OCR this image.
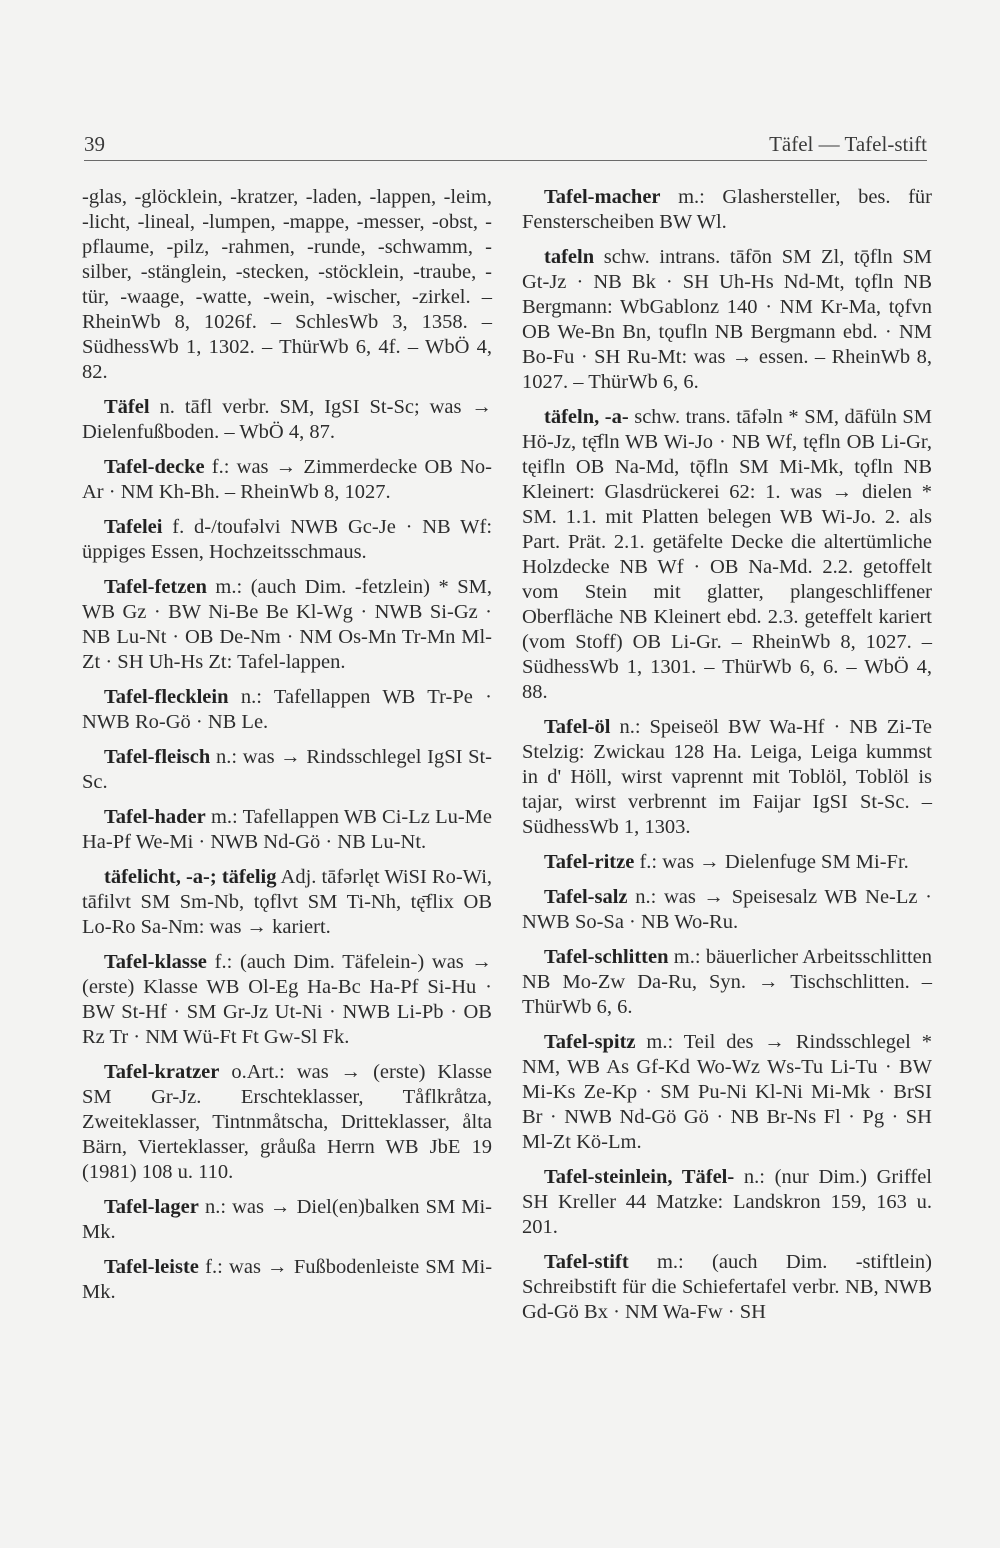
39	Täfel — Tafel-stift

-glas, -glöcklein, -kratzer, -laden, -lappen, -leim, -licht, -lineal, -lumpen, -mappe, -messer, -obst, -pflaume, -pilz, -rahmen, -runde, -schwamm, -silber, -stänglein, -stecken, -stöcklein, -traube, -tür, -waage, -watte, -wein, -wischer, -zirkel. – RheinWb 8, 1026f. – SchlesWb 3, 1358. – SüdhessWb 1, 1302. – ThürWb 6, 4f. – WbÖ 4, 82.

Täfel n. tāfl verbr. SM, IgSI St-Sc; was → Dielenfußboden. – WbÖ 4, 87.

Tafel-decke f.: was → Zimmerdecke OB No-Ar · NM Kh-Bh. – RheinWb 8, 1027.

Tafelei f. d-/toufəlvi NWB Gc-Je · NB Wf: üppiges Essen, Hochzeitsschmaus.

Tafel-fetzen m.: (auch Dim. -fetzlein) * SM, WB Gz · BW Ni-Be Be Kl-Wg · NWB Si-Gz · NB Lu-Nt · OB De-Nm · NM Os-Mn Tr-Mn Ml-Zt · SH Uh-Hs Zt: Tafel-lappen.

Tafel-flecklein n.: Tafellappen WB Tr-Pe · NWB Ro-Gö · NB Le.

Tafel-fleisch n.: was → Rindsschlegel IgSI St-Sc.

Tafel-hader m.: Tafellappen WB Ci-Lz Lu-Me Ha-Pf We-Mi · NWB Nd-Gö · NB Lu-Nt.

täfelicht, -a-; täfelig Adj. tāfərlęt WiSI Ro-Wi, tāfilvt SM Sm-Nb, tǫflvt SM Ti-Nh, tę̄flix OB Lo-Ro Sa-Nm: was → kariert.

Tafel-klasse f.: (auch Dim. Täfelein-) was → (erste) Klasse WB Ol-Eg Ha-Bc Ha-Pf Si-Hu · BW St-Hf · SM Gr-Jz Ut-Ni · NWB Li-Pb · OB Rz Tr · NM Wü-Ft Ft Gw-Sl Fk.

Tafel-kratzer o.Art.: was → (erste) Klasse SM Gr-Jz. Erschteklasser, Tåflkråtza, Zweiteklasser, Tintnmåtscha, Dritteklasser, ålta Bärn, Vierteklasser, gråußa Herrn WB JbE 19 (1981) 108 u. 110.

Tafel-lager n.: was → Diel(en)balken SM Mi-Mk.

Tafel-leiste f.: was → Fußbodenleiste SM Mi-Mk.

Tafel-macher m.: Glashersteller, bes. für Fensterscheiben BW Wl.

tafeln schw. intrans. tāfōn SM Zl, tǭfln SM Gt-Jz · NB Bk · SH Uh-Hs Nd-Mt, tǫfln NB Bergmann: WbGablonz 140 · NM Kr-Ma, tǫfvn OB We-Bn Bn, tǫufln NB Bergmann ebd. · NM Bo-Fu · SH Ru-Mt: was → essen. – RheinWb 8, 1027. – ThürWb 6, 6.

täfeln, -a- schw. trans. tāfəln * SM, dāfüln SM Hö-Jz, tę̄fln WB Wi-Jo · NB Wf, tęfln OB Li-Gr, tęifln OB Na-Md, tǭfln SM Mi-Mk, tǫfln NB Kleinert: Glasdrückerei 62: 1. was → dielen * SM. 1.1. mit Platten belegen WB Wi-Jo. 2. als Part. Prät. 2.1. getäfelte Decke die altertümliche Holzdecke NB Wf · OB Na-Md. 2.2. getoffelt vom Stein mit glatter, plangeschliffener Oberfläche NB Kleinert ebd. 2.3. geteffelt kariert (vom Stoff) OB Li-Gr. – RheinWb 8, 1027. – SüdhessWb 1, 1301. – ThürWb 6, 6. – WbÖ 4, 88.

Tafel-öl n.: Speiseöl BW Wa-Hf · NB Zi-Te Stelzig: Zwickau 128 Ha. Leiga, Leiga kummst in d' Höll, wirst vaprennt mit Toblöl, Toblöl is tajar, wirst verbrennt im Faijar IgSI St-Sc. – SüdhessWb 1, 1303.

Tafel-ritze f.: was → Dielenfuge SM Mi-Fr.

Tafel-salz n.: was → Speisesalz WB Ne-Lz · NWB So-Sa · NB Wo-Ru.

Tafel-schlitten m.: bäuerlicher Arbeitsschlitten NB Mo-Zw Da-Ru, Syn. → Tischschlitten. – ThürWb 6, 6.

Tafel-spitz m.: Teil des → Rindsschlegel * NM, WB As Gf-Kd Wo-Wz Ws-Tu Li-Tu · BW Mi-Ks Ze-Kp · SM Pu-Ni Kl-Ni Mi-Mk · BrSI Br · NWB Nd-Gö Gö · NB Br-Ns Fl · Pg · SH Ml-Zt Kö-Lm.

Tafel-steinlein, Täfel- n.: (nur Dim.) Griffel SH Kreller 44 Matzke: Landskron 159, 163 u. 201.

Tafel-stift m.: (auch Dim. -stiftlein) Schreibstift für die Schiefertafel verbr. NB, NWB Gd-Gö Bx · NM Wa-Fw · SH
